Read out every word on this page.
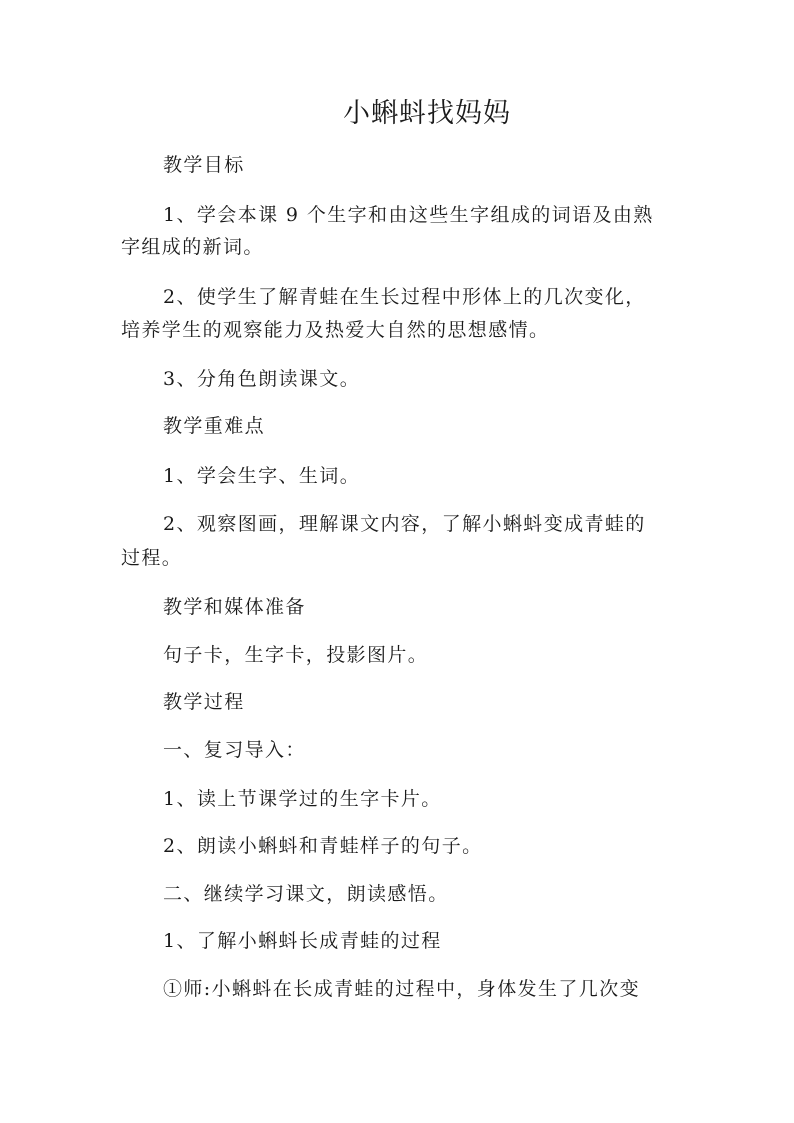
小蝌蚪找妈妈
教学目标
1、学会本课 9 个生字和由这些生字组成的词语及由熟
字组成的新词。
2、使学生了解青蛙在生长过程中形体上的几次变化，
培养学生的观察能力及热爱大自然的思想感情。
3、分角色朗读课文。
教学重难点
1、学会生字、生词。
2、观察图画，理解课文内容，了解小蝌蚪变成青蛙的
过程。
教学和媒体准备
句子卡，生字卡，投影图片。
教学过程
一、复习导入：
1、读上节课学过的生字卡片。
2、朗读小蝌蚪和青蛙样子的句子。
二、继续学习课文，朗读感悟。
1、了解小蝌蚪长成青蛙的过程
①师:小蝌蚪在长成青蛙的过程中，身体发生了几次变
